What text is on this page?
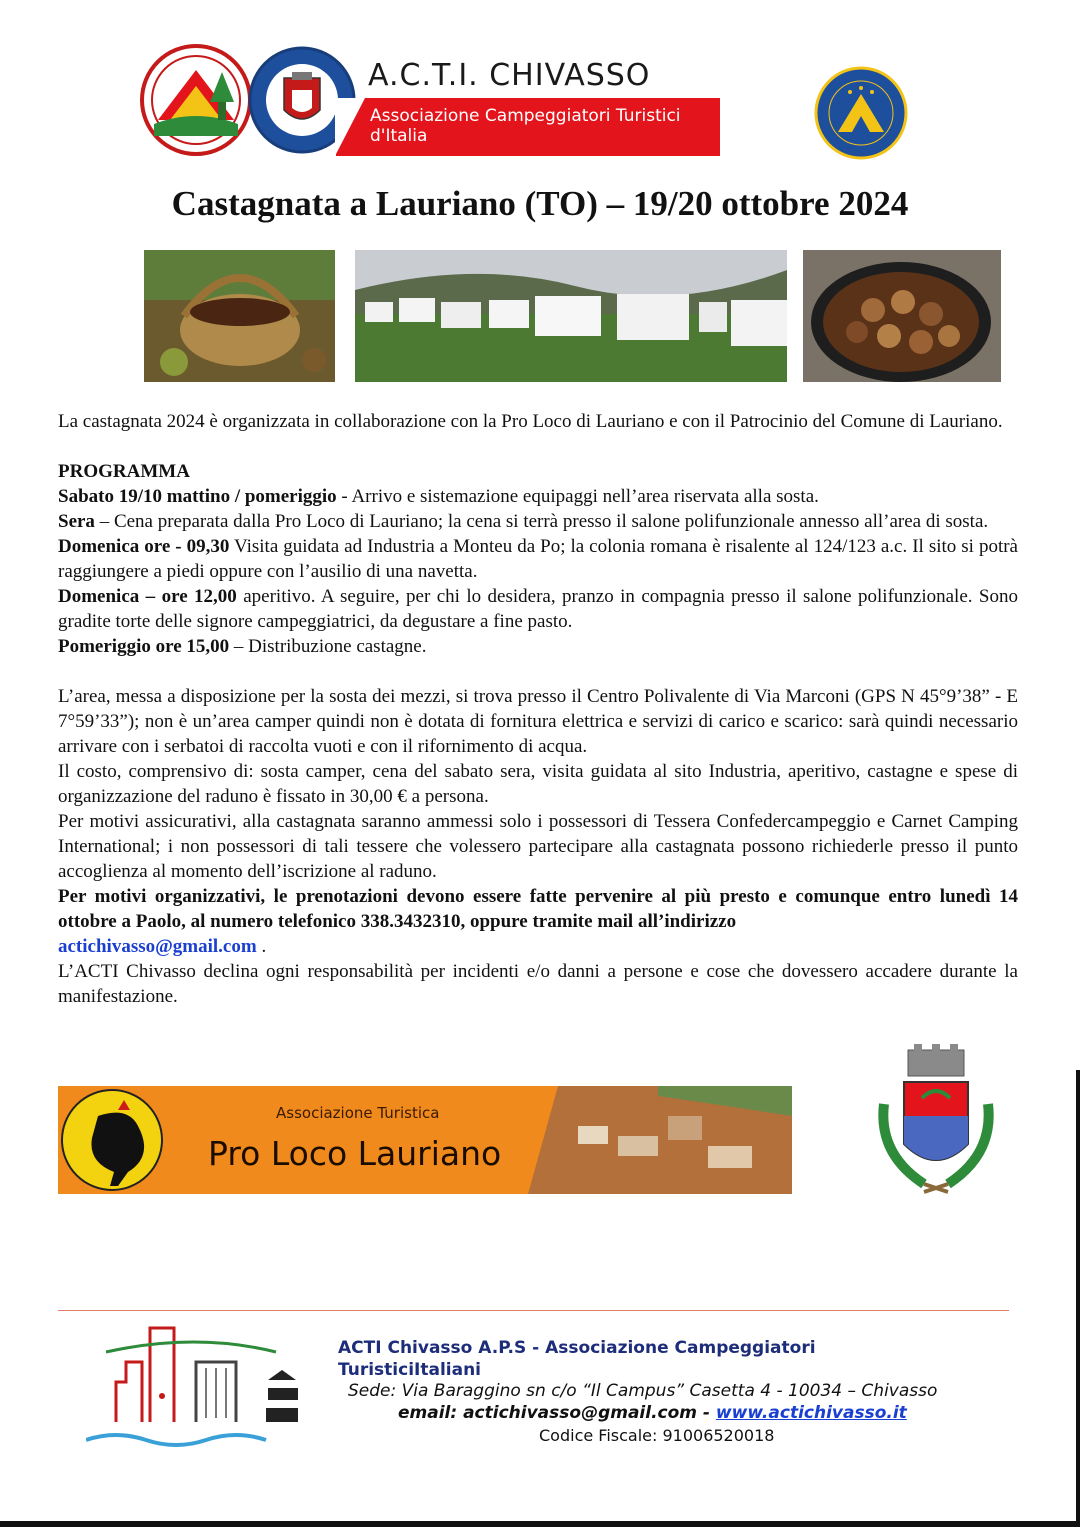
A.C.T.I. CHIVASSO
Associazione Campeggiatori Turistici d'Italia
Castagnata a Lauriano (TO) – 19/20 ottobre 2024

La castagnata 2024 è organizzata in collaborazione con la Pro Loco di Lauriano e con il Patrocinio del Comune di Lauriano.

PROGRAMMA

Sabato 19/10 mattino / pomeriggio - Arrivo e sistemazione equipaggi nell’area riservata alla sosta.

Sera – Cena preparata dalla Pro Loco di Lauriano; la cena si terrà presso il salone polifunzionale annesso all’area di sosta.

Domenica ore - 09,30 Visita guidata ad Industria a Monteu da Po; la colonia romana è risalente al 124/123 a.c. Il sito si potrà raggiungere a piedi oppure con l’ausilio di una navetta.

Domenica – ore 12,00 aperitivo. A seguire, per chi lo desidera, pranzo in compagnia presso il salone polifunzionale. Sono gradite torte delle signore campeggiatrici, da degustare a fine pasto.

Pomeriggio ore 15,00 – Distribuzione castagne.

L’area, messa a disposizione per la sosta dei mezzi, si trova presso il Centro Polivalente di Via Marconi (GPS N 45°9’38” - E 7°59’33”); non è un’area camper quindi non è dotata di fornitura elettrica e servizi di carico e scarico: sarà quindi necessario arrivare con i serbatoi di raccolta vuoti e con il rifornimento di acqua.

Il costo, comprensivo di: sosta camper, cena del sabato sera, visita guidata al sito Industria, aperitivo, castagne e spese di organizzazione del raduno è fissato in 30,00 € a persona.

Per motivi assicurativi, alla castagnata saranno ammessi solo i possessori di Tessera Confedercampeggio e Carnet Camping International; i non possessori di tali tessere che volessero partecipare alla castagnata possono richiederle presso il punto accoglienza al momento dell’iscrizione al raduno.

Per motivi organizzativi, le prenotazioni devono essere fatte pervenire al più presto e comunque entro lunedì 14 ottobre a Paolo, al numero telefonico 338.3432310, oppure tramite mail all’indirizzo
actichivasso@gmail.com .

L’ACTI Chivasso declina ogni responsabilità per incidenti e/o danni a persone e cose che dovessero accadere durante la manifestazione.

Associazione Turistica
Pro Loco Lauriano
ACTI Chivasso A.P.S - Associazione Campeggiatori TuristiciItaliani
Sede: Via Baraggino sn c/o “Il Campus” Casetta 4 - 10034 – Chivasso
email: actichivasso@gmail.com - www.actichivasso.it
Codice Fiscale: 91006520018
